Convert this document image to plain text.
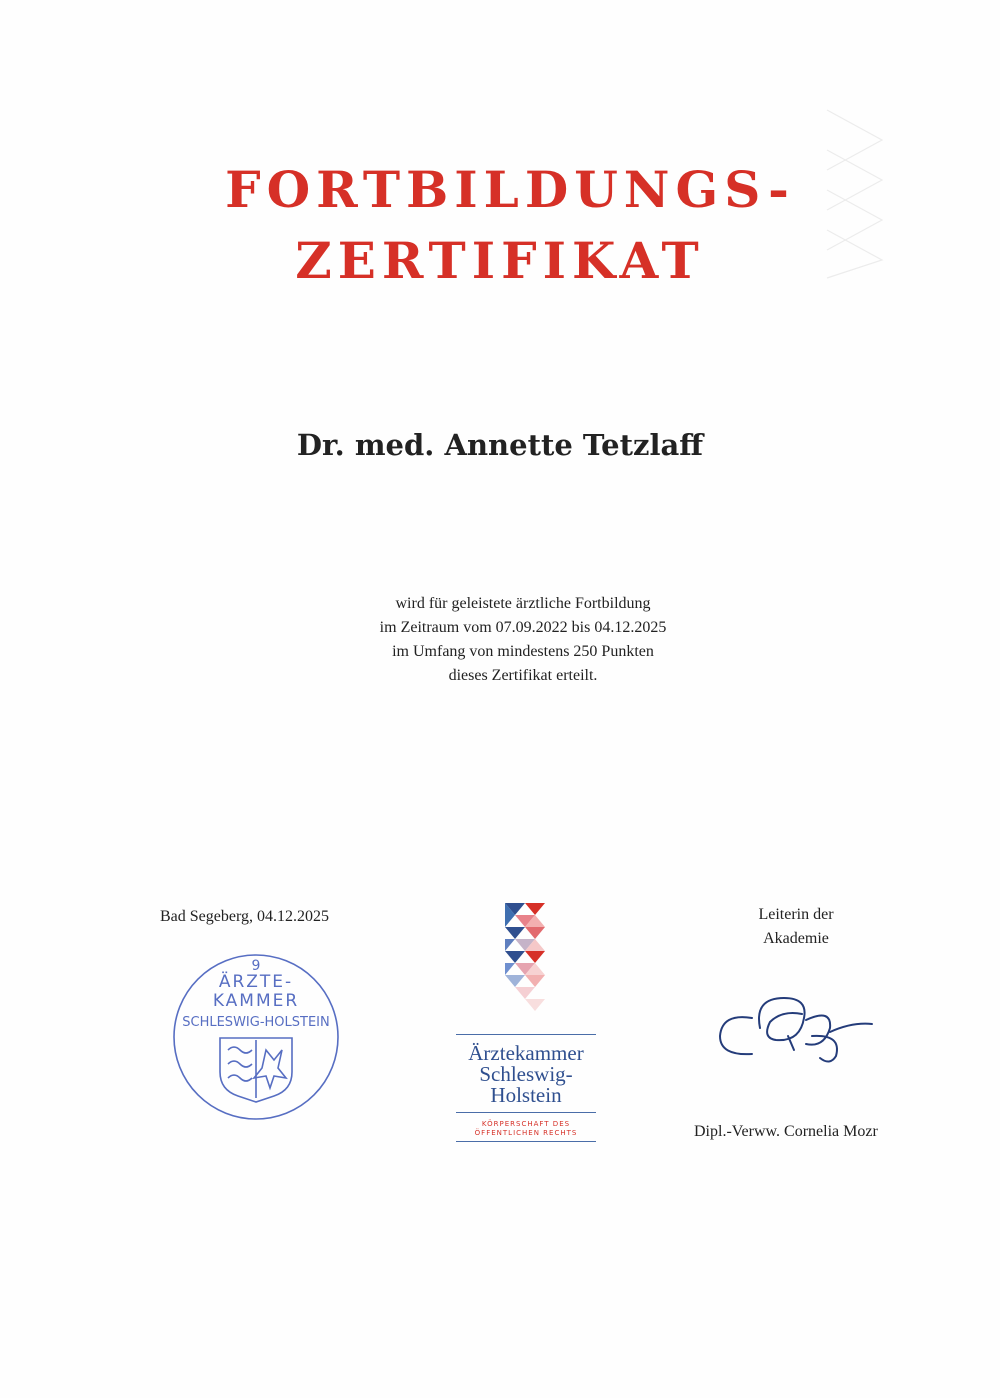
FORTBILDUNGS-
ZERTIFIKAT
Dr. med. Annette Tetzlaff
wird für geleistete ärztliche Fortbildung
im Zeitraum vom 07.09.2022 bis 04.12.2025
im Umfang von mindestens 250 Punkten
dieses Zertifikat erteilt.
Bad Segeberg, 04.12.2025
9
ÄRZTE-
KAMMER
SCHLESWIG-HOLSTEIN
Ärztekammer
Schleswig-
Holstein
KÖRPERSCHAFT DES
ÖFFENTLICHEN RECHTS
Leiterin der
Akademie
Dipl.-Verww. Cornelia Mozr
